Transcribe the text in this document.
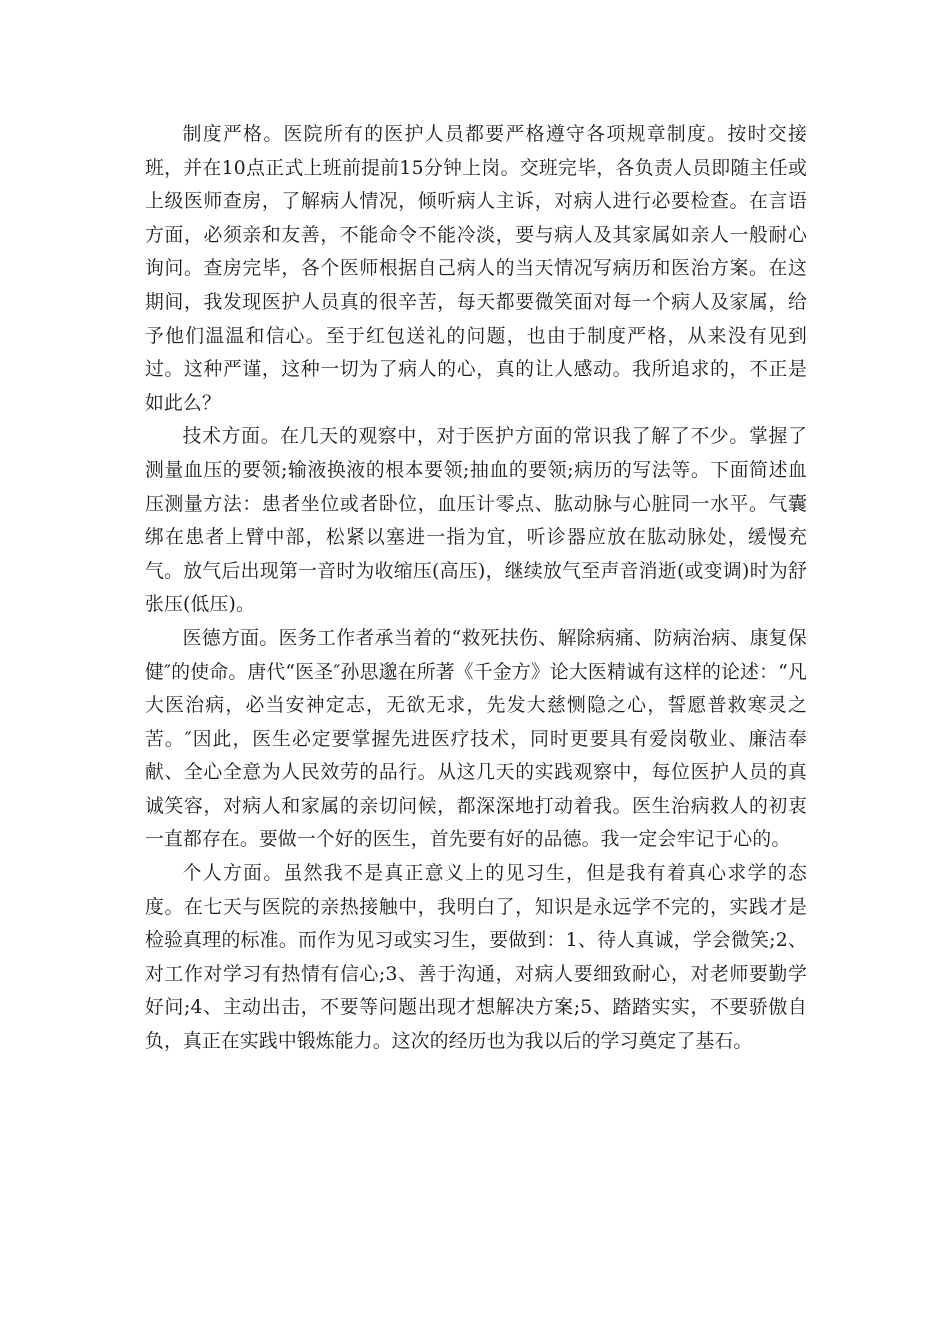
制度严格。医院所有的医护人员都要严格遵守各项规章制度。按时交接班，并在10点正式上班前提前15分钟上岗。交班完毕，各负责人员即随主任或上级医师查房，了解病人情况，倾听病人主诉，对病人进行必要检查。在言语方面，必须亲和友善，不能命令不能冷淡，要与病人及其家属如亲人一般耐心询问。查房完毕，各个医师根据自己病人的当天情况写病历和医治方案。在这期间，我发现医护人员真的很辛苦，每天都要微笑面对每一个病人及家属，给予他们温温和信心。至于红包送礼的问题，也由于制度严格，从来没有见到过。这种严谨，这种一切为了病人的心，真的让人感动。我所追求的，不正是如此么？

技术方面。在几天的观察中，对于医护方面的常识我了解了不少。掌握了测量血压的要领;输液换液的根本要领;抽血的要领;病历的写法等。下面简述血压测量方法：患者坐位或者卧位，血压计零点、肱动脉与心脏同一水平。气囊绑在患者上臂中部，松紧以塞进一指为宜，听诊器应放在肱动脉处，缓慢充气。放气后出现第一音时为收缩压(高压)，继续放气至声音消逝(或变调)时为舒张压(低压)。

医德方面。医务工作者承当着的“救死扶伤、解除病痛、防病治病、康复保健″的使命。唐代“医圣″孙思邈在所著《千金方》论大医精诚有这样的论述：“凡大医治病，必当安神定志，无欲无求，先发大慈恻隐之心，誓愿普救寒灵之苦。″因此，医生必定要掌握先进医疗技术，同时更要具有爱岗敬业、廉洁奉献、全心全意为人民效劳的品行。从这几天的实践观察中，每位医护人员的真诚笑容，对病人和家属的亲切问候，都深深地打动着我。医生治病救人的初衷一直都存在。要做一个好的医生，首先要有好的品德。我一定会牢记于心的。

个人方面。虽然我不是真正意义上的见习生，但是我有着真心求学的态度。在七天与医院的亲热接触中，我明白了，知识是永远学不完的，实践才是检验真理的标准。而作为见习或实习生，要做到：1、待人真诚，学会微笑;2、对工作对学习有热情有信心;3、善于沟通，对病人要细致耐心，对老师要勤学好问;4、主动出击，不要等问题出现才想解决方案;5、踏踏实实，不要骄傲自负，真正在实践中锻炼能力。这次的经历也为我以后的学习奠定了基石。
